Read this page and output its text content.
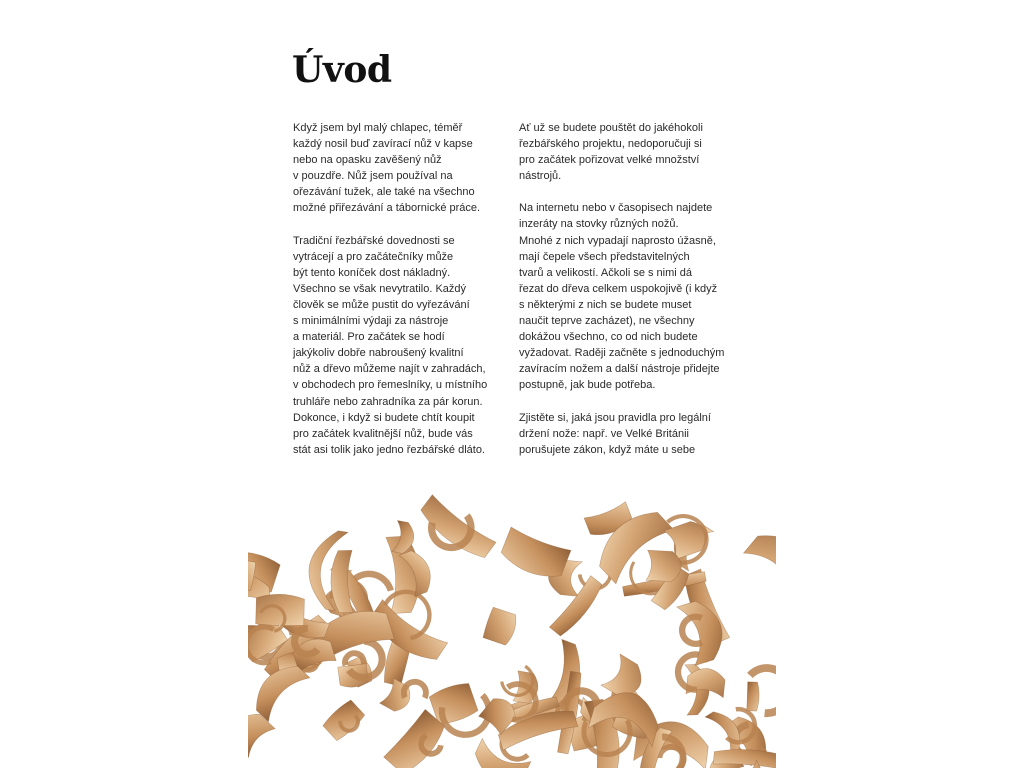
Úvod

Když jsem byl malý chlapec, téměř
každý nosil buď zavírací nůž v kapse
nebo na opasku zavěšený nůž
v pouzdře. Nůž jsem používal na
ořezávání tužek, ale také na všechno
možné přiřezávání a tábornické práce.

Tradiční řezbářské dovednosti se
vytrácejí a pro začátečníky může
být tento koníček dost nákladný.
Všechno se však nevytratilo. Každý
člověk se může pustit do vyřezávání
s minimálními výdaji za nástroje
a materiál. Pro začátek se hodí
jakýkoliv dobře nabroušený kvalitní
nůž a dřevo můžeme najít v zahradách,
v obchodech pro řemeslníky, u místního
truhláře nebo zahradníka za pár korun.
Dokonce, i když si budete chtít koupit
pro začátek kvalitnější nůž, bude vás
stát asi tolik jako jedno řezbářské dláto.

Ať už se budete pouštět do jakéhokoli
řezbářského projektu, nedoporučuji si
pro začátek pořizovat velké množství
nástrojů.

Na internetu nebo v časopisech najdete
inzeráty na stovky různých nožů.
Mnohé z nich vypadají naprosto úžasně,
mají čepele všech představitelných
tvarů a velikostí. Ačkoli se s nimi dá
řezat do dřeva celkem uspokojivě (i když
s některými z nich se budete muset
naučit teprve zacházet), ne všechny
dokážou všechno, co od nich budete
vyžadovat. Raději začněte s jednoduchým
zavíracím nožem a další nástroje přidejte
postupně, jak bude potřeba.

Zjistěte si, jaká jsou pravidla pro legální
držení nože: např. ve Velké Británii
porušujete zákon, když máte u sebe
